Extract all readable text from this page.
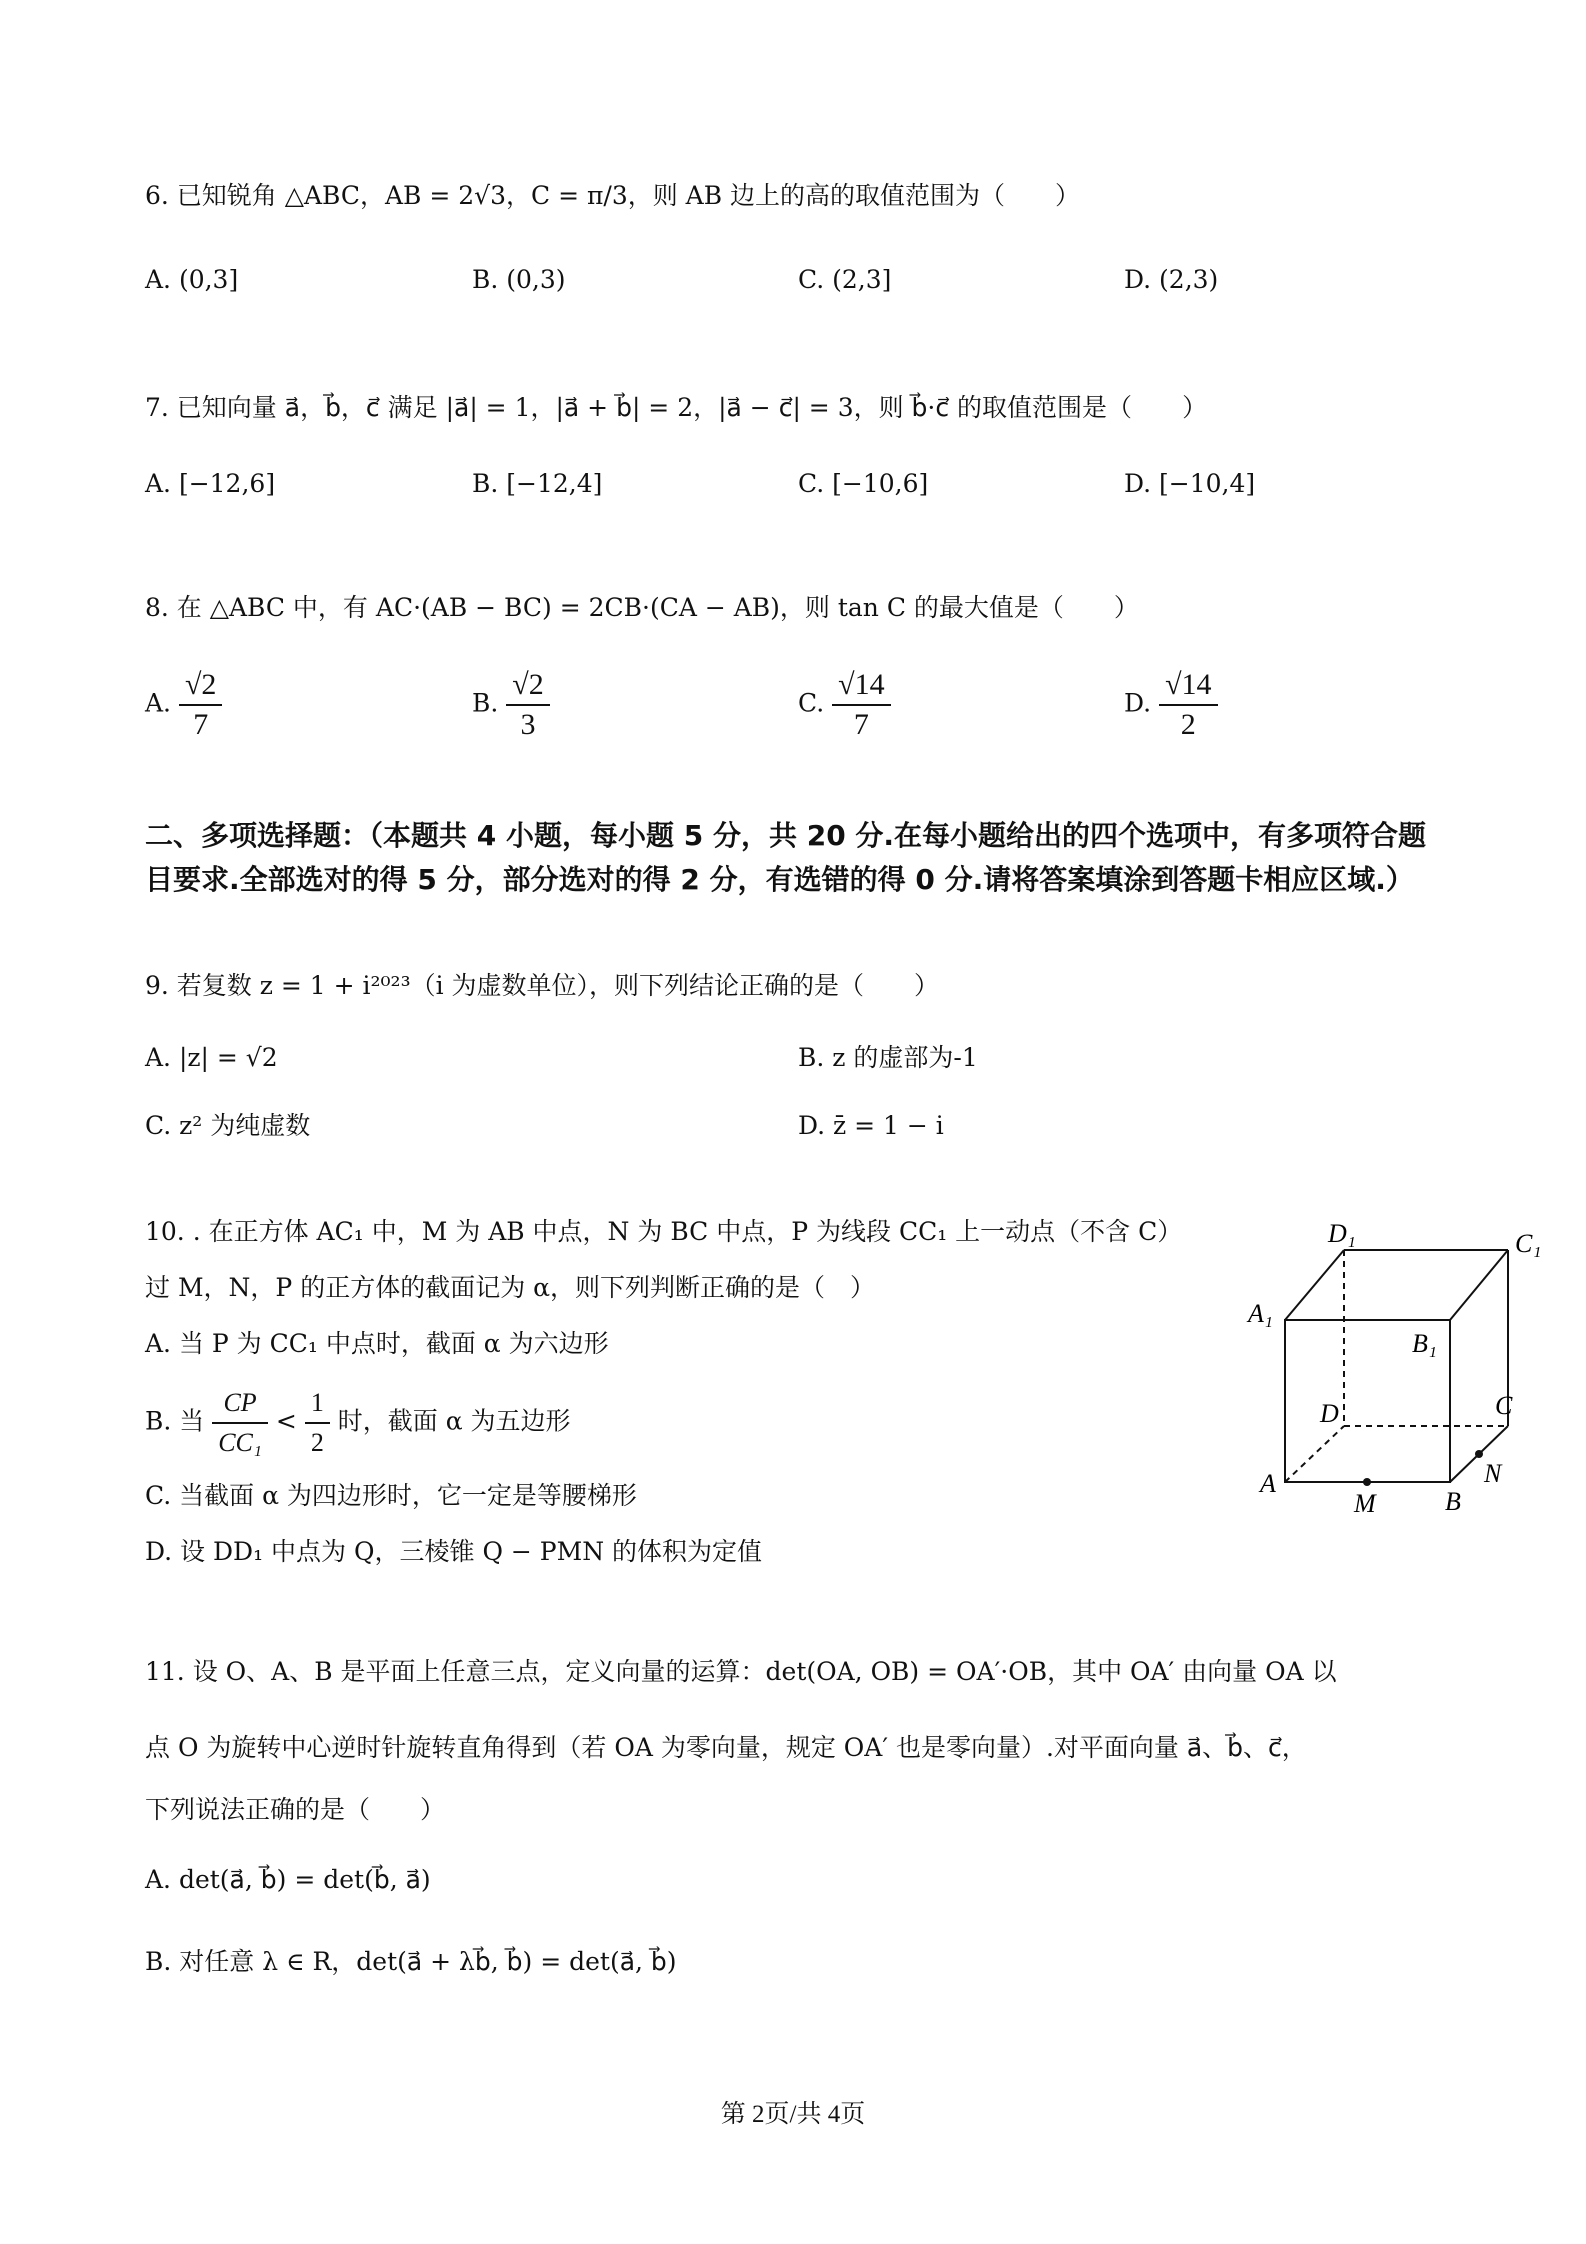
6. 已知锐角 △ABC，AB = 2√3，C = π/3，则 AB 边上的高的取值范围为（　　）
A. (0,3]	B. (0,3)	C. (2,3]	D. (2,3)
7. 已知向量 a⃗，b⃗，c⃗ 满足 |a⃗| = 1，|a⃗ + b⃗| = 2，|a⃗ − c⃗| = 3，则 b⃗·c⃗ 的取值范围是（　　）
A. [−12,6]	B. [−12,4]	C. [−10,6]	D. [−10,4]
8. 在 △ABC 中，有 AC·(AB − BC) = 2CB·(CA − AB)，则 tan C 的最大值是（　　）
A. $\frac{√2}{7}$	B. $\frac{√2}{3}$	C. $\frac{√14}{7}$	D. $\frac{√14}{2}$
二、多项选择题：（本题共 4 小题，每小题 5 分，共 20 分.在每小题给出的四个选项中，有多项符合题目要求.全部选对的得 5 分，部分选对的得 2 分，有选错的得 0 分.请将答案填涂到答题卡相应区域.）
9. 若复数 z = 1 + i²⁰²³（i 为虚数单位），则下列结论正确的是（　　）
A. |z| = √2	B. z 的虚部为-1
C. z² 为纯虚数	D. z̄ = 1 − i
10. . 在正方体 AC₁ 中，M 为 AB 中点，N 为 BC 中点，P 为线段 CC₁ 上一动点（不含 C）
过 M，N，P 的正方体的截面记为 α，则下列判断正确的是（　）
A. 当 P 为 CC₁ 中点时，截面 α 为六边形
B. 当 $\frac{CP}{\text{CC₁}} < \frac{1}{2}$ 时，截面 α 为五边形
C. 当截面 α 为四边形时，它一定是等腰梯形
D. 设 DD₁ 中点为 Q，三棱锥 Q − PMN 的体积为定值
D₁	C₁
A₁
B₁
D	C
A
B
M
N
11. 设 O、A、B 是平面上任意三点，定义向量的运算：det(OA, OB) = OA′·OB，其中 OA′ 由向量 OA 以
点 O 为旋转中心逆时针旋转直角得到（若 OA 为零向量，规定 OA′ 也是零向量）.对平面向量 a⃗、b⃗、c⃗，
下列说法正确的是（　　）
A. det(a⃗, b⃗) = det(b⃗, a⃗)
B. 对任意 λ ∈ R，det(a⃗ + λb⃗, b⃗) = det(a⃗, b⃗)
第 2页/共 4页
